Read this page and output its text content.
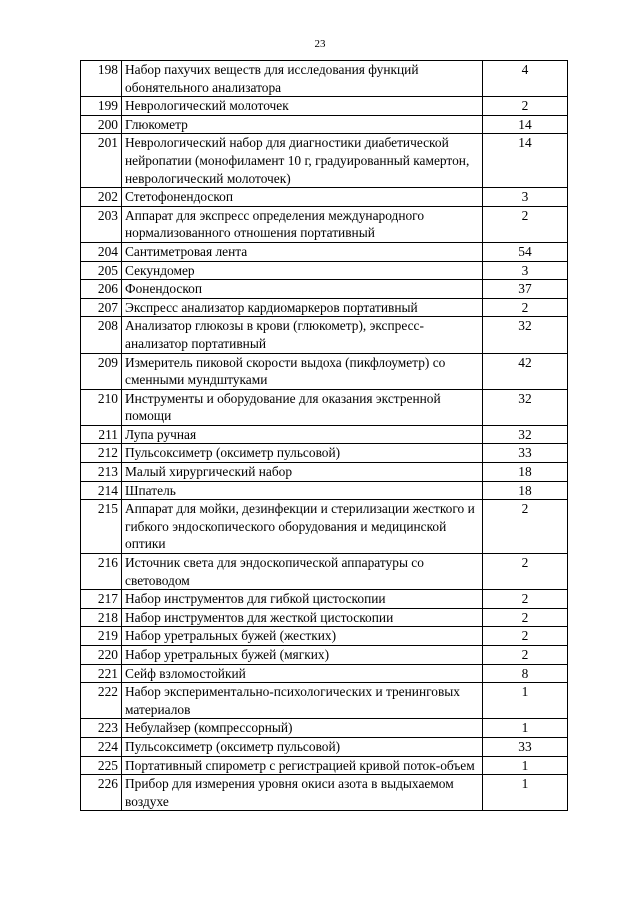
23
198	Набор пахучих веществ для исследования функций обонятельного анализатора	4
199	Неврологический молоточек	2
200	Глюкометр	14
201	Неврологический набор для диагностики диабетической нейропатии (монофиламент 10 г, градуированный камертон, неврологический молоточек)	14
202	Стетофонендоскоп	3
203	Аппарат для экспресс определения международного нормализованного отношения портативный	2
204	Сантиметровая лента	54
205	Секундомер	3
206	Фонендоскоп	37
207	Экспресс анализатор кардиомаркеров портативный	2
208	Анализатор глюкозы в крови (глюкометр), экспресс-анализатор портативный	32
209	Измеритель пиковой скорости выдоха (пикфлоуметр) со сменными мундштуками	42
210	Инструменты и оборудование для оказания экстренной помощи	32
211	Лупа ручная	32
212	Пульсоксиметр (оксиметр пульсовой)	33
213	Малый хирургический набор	18
214	Шпатель	18
215	Аппарат для мойки, дезинфекции и стерилизации жесткого и гибкого эндоскопического оборудования и медицинской оптики	2
216	Источник света для эндоскопической аппаратуры со световодом	2
217	Набор инструментов для гибкой цистоскопии	2
218	Набор инструментов для жесткой цистоскопии	2
219	Набор уретральных бужей (жестких)	2
220	Набор уретральных бужей (мягких)	2
221	Сейф взломостойкий	8
222	Набор экспериментально-психологических и тренинговых материалов	1
223	Небулайзер (компрессорный)	1
224	Пульсоксиметр (оксиметр пульсовой)	33
225	Портативный спирометр с регистрацией кривой поток-объем	1
226	Прибор для измерения уровня окиси азота в выдыхаемом воздухе	1
